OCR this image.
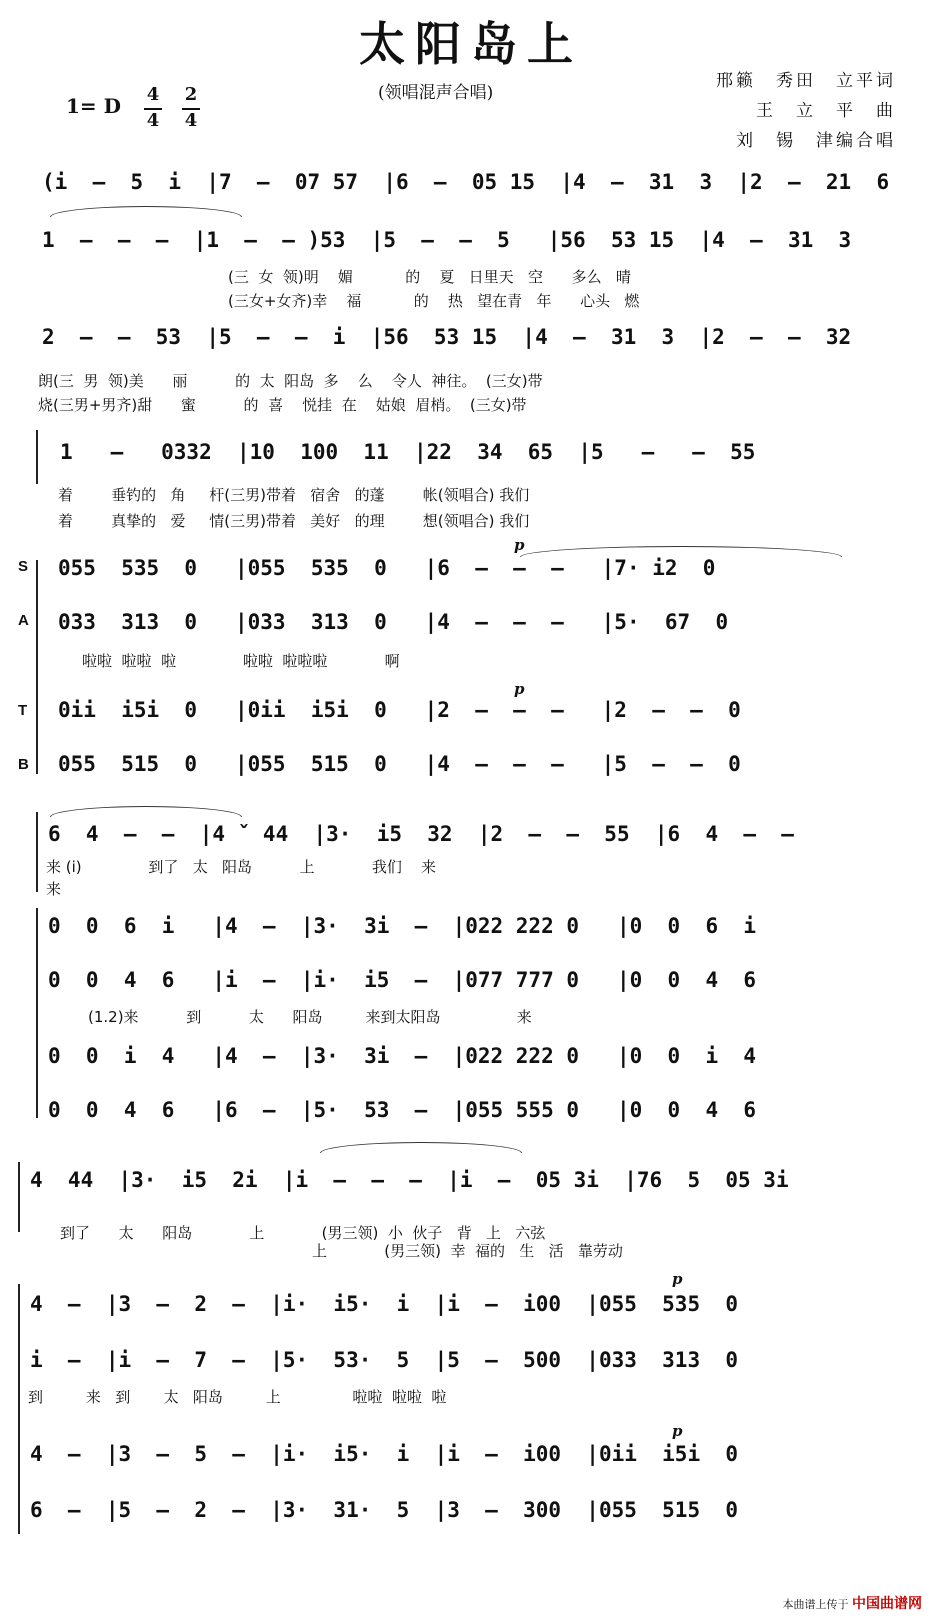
太阳岛上
(领唱混声合唱)
1= D 4
4
2
4
邢籁　秀田　立平词
王　立　平　曲
刘　锡　津编合唱
(i  –  5  i  |7  –  07 57  |6  –  05 15  |4  –  31  3  |2  –  21  6
1  –  –  –  |1  –  – )53  |5  –  –  5   |56  53 15  |4  –  31  3
(三  女  领)明    媚           的    夏   日里天   空      多么   晴
(三女+女齐)幸    福           的    热   望在青   年      心头   燃
2  –  –  53  |5  –  –  i  |56  53 15  |4  –  31  3  |2  –  –  32
朗(三  男  领)美      丽          的  太  阳岛  多    么    令人  神往。  (三女)带
烧(三男+男齐)甜      蜜          的  喜    悦挂  在    姑娘  眉梢。  (三女)带
1   –   0332  |10  100  11  |22  34  65  |5   –   –  55
着        垂钓的   角     杆(三男)带着   宿舍   的蓬        帐(领唱合) 我们
着        真挚的   爱     情(三男)带着   美好   的理        想(领唱合) 我们
S
A
T
B
p
055  535  0   |055  535  0   |6  –  –  –   |7· i2  0
033  313  0   |033  313  0   |4  –  –  –   |5·  67  0
啦啦  啦啦  啦              啦啦  啦啦啦            啊
p
0ii  i5i  0   |0ii  i5i  0   |2  –  –  –   |2  –  –  0
055  515  0   |055  515  0   |4  –  –  –   |5  –  –  0
6  4  –  –  |4 ˇ 44  |3·  i5  32  |2  –  –  55  |6  4  –  –
来 (i)              到了   太   阳岛          上            我们    来
来
0  0  6  i   |4  –  |3·  3i  –  |022 222 0   |0  0  6  i
0  0  4  6   |i  –  |i·  i5  –  |077 777 0   |0  0  4  6
(1.2)来          到          太      阳岛         来到太阳岛                来
0  0  i  4   |4  –  |3·  3i  –  |022 222 0   |0  0  i  4
0  0  4  6   |6  –  |5·  53  –  |055 555 0   |0  0  4  6
4  44  |3·  i5  2i  |i  –  –  –  |i  –  05 3i  |76  5  05 3i
到了      太      阳岛            上            (男三领)  小  伙子   背   上   六弦
上            (男三领)  幸  福的   生   活   靠劳动
p
4  –  |3  –  2  –  |i·  i5·  i  |i  –  i00  |055  535  0
i  –  |i  –  7  –  |5·  53·  5  |5  –  500  |033  313  0
到         来   到       太   阳岛         上               啦啦  啦啦  啦
p
4  –  |3  –  5  –  |i·  i5·  i  |i  –  i00  |0ii  i5i  0
6  –  |5  –  2  –  |3·  31·  5  |3  –  300  |055  515  0
本曲谱上传于 中国曲谱网
